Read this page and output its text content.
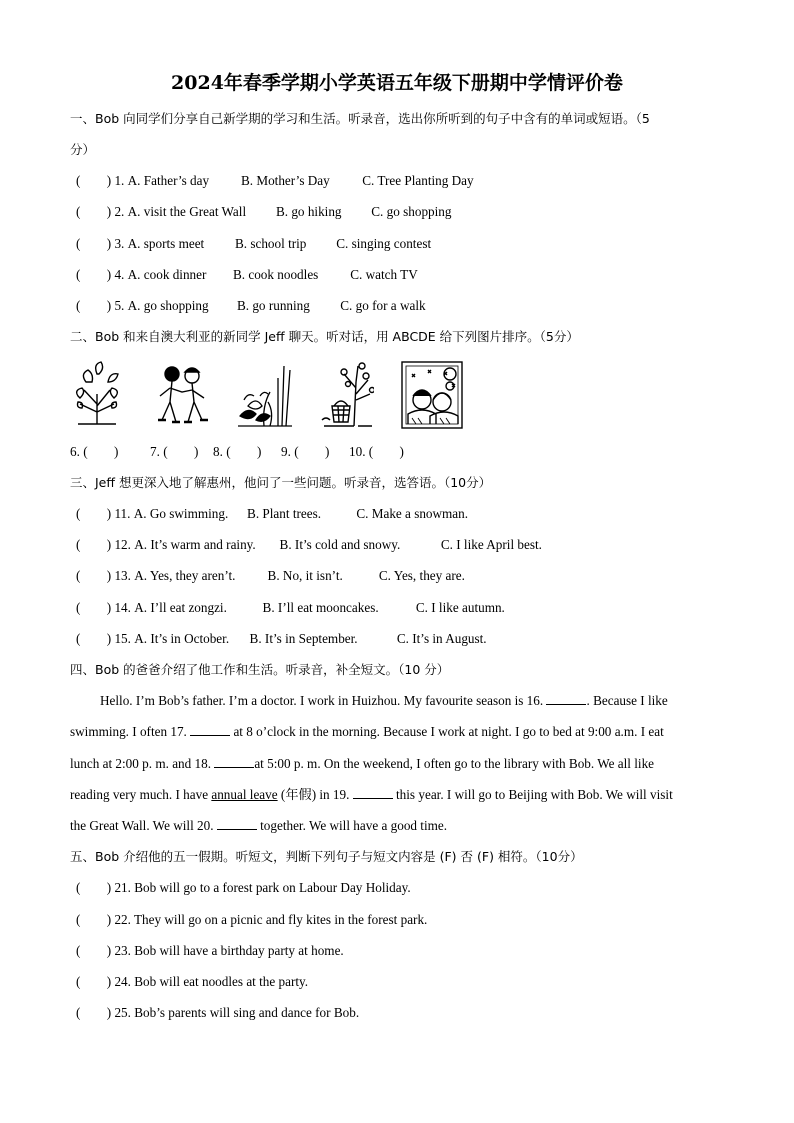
2024年春季学期小学英语五年级下册期中学情评价卷
一、Bob 向同学们分享自己新学期的学习和生活。听录音，选出你所听到的句子中含有的单词或短语。（5
分）
(　　) 1. A. Father’s day B. Mother’s Day C. Tree Planting Day
(　　) 2. A. visit the Great Wall B. go hiking C. go shopping
(　　) 3. A. sports meet B. school trip C. singing contest
(　　) 4. A. cook dinner B. cook noodles C. watch TV
(　　) 5. A. go shopping B. go running C. go for a walk
二、Bob 和来自澳大利亚的新同学 Jeff 聊天。听对话，用 ABCDE 给下列图片排序。（5分）
6. (　　) 7. (　　) 8. (　　) 9. (　　) 10. (　　)
三、Jeff 想更深入地了解惠州，他问了一些问题。听录音，选答语。（10分）
(　　) 11. A. Go swimming. B. Plant trees.	C. Make a snowman.
(　　) 12. A. It’s warm and rainy. B. It’s cold and snowy.	C. I like April best.
(　　) 13. A. Yes, they aren’t. B. No, it isn’t.	C. Yes, they are.
(　　) 14. A. I’ll eat zongzi.	B. I’ll eat mooncakes.	C. I like autumn.
(　　) 15. A. It’s in October. B. It’s in September.	C. It’s in August.
四、Bob 的爸爸介绍了他工作和生活。听录音，补全短文。（10 分）
Hello. I’m Bob’s father. I’m a doctor. I work in Huizhou. My favourite season is 16.	. Because I like
swimming. I often 17.	at 8 o’clock in the morning. Because I work at night. I go to bed at 9:00 a.m. I eat
lunch at 2:00 p. m. and 18.	at 5:00 p. m. On the weekend, I often go to the library with Bob. We all like
reading very much. I have annual leave (年假) in 19.	this year. I will go to Beijing with Bob. We will visit
the Great Wall. We will 20.	together. We will have a good time.
五、Bob 介绍他的五一假期。听短文，判断下列句子与短文内容是 (F) 否 (F) 相符。（10分）
(　　) 21. Bob will go to a forest park on Labour Day Holiday.
(　　) 22. They will go on a picnic and fly kites in the forest park.
(　　) 23. Bob will have a birthday party at home.
(　　) 24. Bob will eat noodles at the party.
(　　) 25. Bob’s parents will sing and dance for Bob.
